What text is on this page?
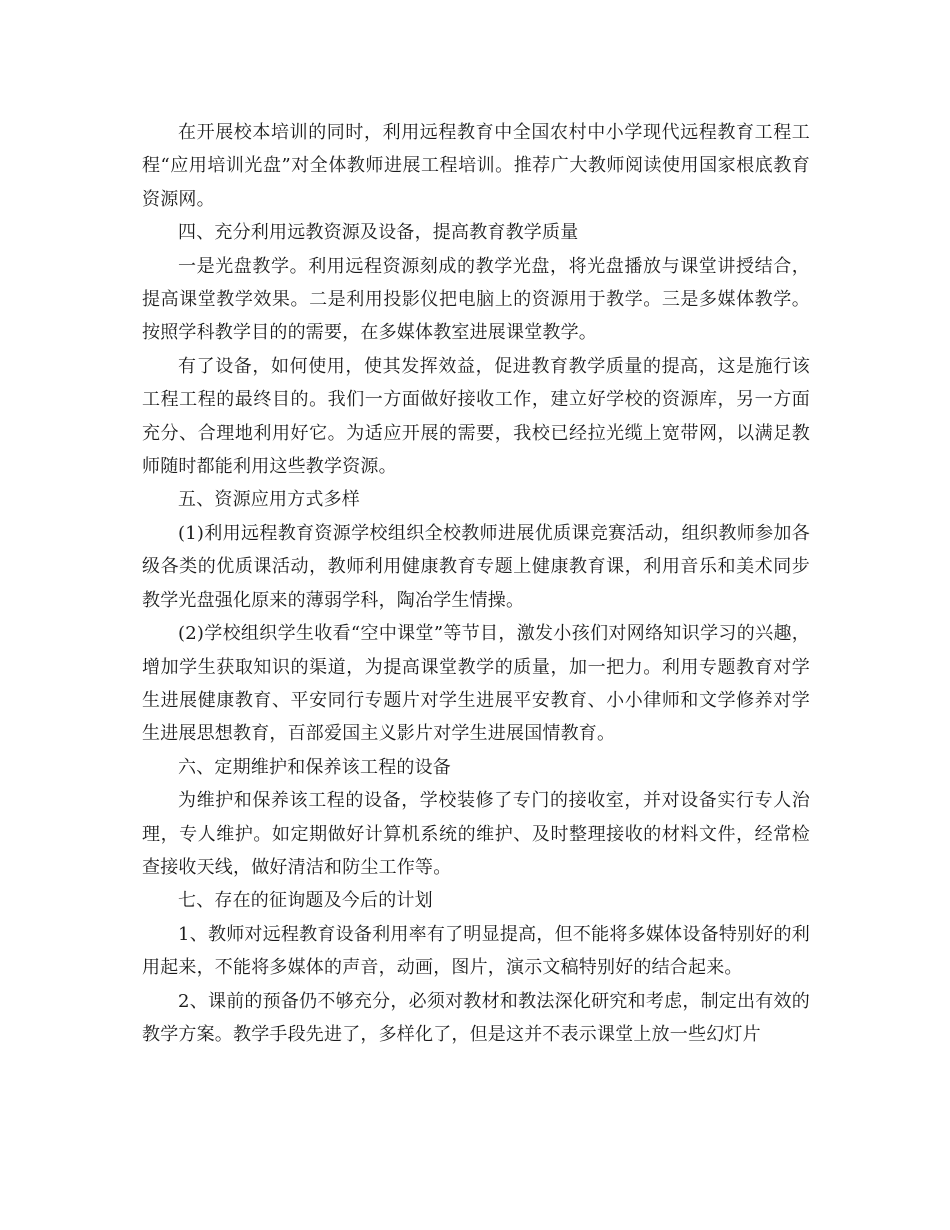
在开展校本培训的同时，利用远程教育中全国农村中小学现代远程教育工程工程“应用培训光盘”对全体教师进展工程培训。推荐广大教师阅读使用国家根底教育资源网。

四、充分利用远教资源及设备，提高教育教学质量

一是光盘教学。利用远程资源刻成的教学光盘，将光盘播放与课堂讲授结合，提高课堂教学效果。二是利用投影仪把电脑上的资源用于教学。三是多媒体教学。按照学科教学目的的需要，在多媒体教室进展课堂教学。

有了设备，如何使用，使其发挥效益，促进教育教学质量的提高，这是施行该工程工程的最终目的。我们一方面做好接收工作，建立好学校的资源库，另一方面充分、合理地利用好它。为适应开展的需要，我校已经拉光缆上宽带网，以满足教师随时都能利用这些教学资源。

五、资源应用方式多样

(1)利用远程教育资源学校组织全校教师进展优质课竞赛活动，组织教师参加各级各类的优质课活动，教师利用健康教育专题上健康教育课，利用音乐和美术同步教学光盘强化原来的薄弱学科，陶冶学生情操。

(2)学校组织学生收看“空中课堂”等节目，激发小孩们对网络知识学习的兴趣，增加学生获取知识的渠道，为提高课堂教学的质量，加一把力。利用专题教育对学生进展健康教育、平安同行专题片对学生进展平安教育、小小律师和文学修养对学生进展思想教育，百部爱国主义影片对学生进展国情教育。

六、定期维护和保养该工程的设备

为维护和保养该工程的设备，学校装修了专门的接收室，并对设备实行专人治理，专人维护。如定期做好计算机系统的维护、及时整理接收的材料文件，经常检查接收天线，做好清洁和防尘工作等。

七、存在的征询题及今后的计划

1、教师对远程教育设备利用率有了明显提高，但不能将多媒体设备特别好的利用起来，不能将多媒体的声音，动画，图片，演示文稿特别好的结合起来。

2、课前的预备仍不够充分，必须对教材和教法深化研究和考虑，制定出有效的教学方案。教学手段先进了，多样化了，但是这并不表示课堂上放一些幻灯片
